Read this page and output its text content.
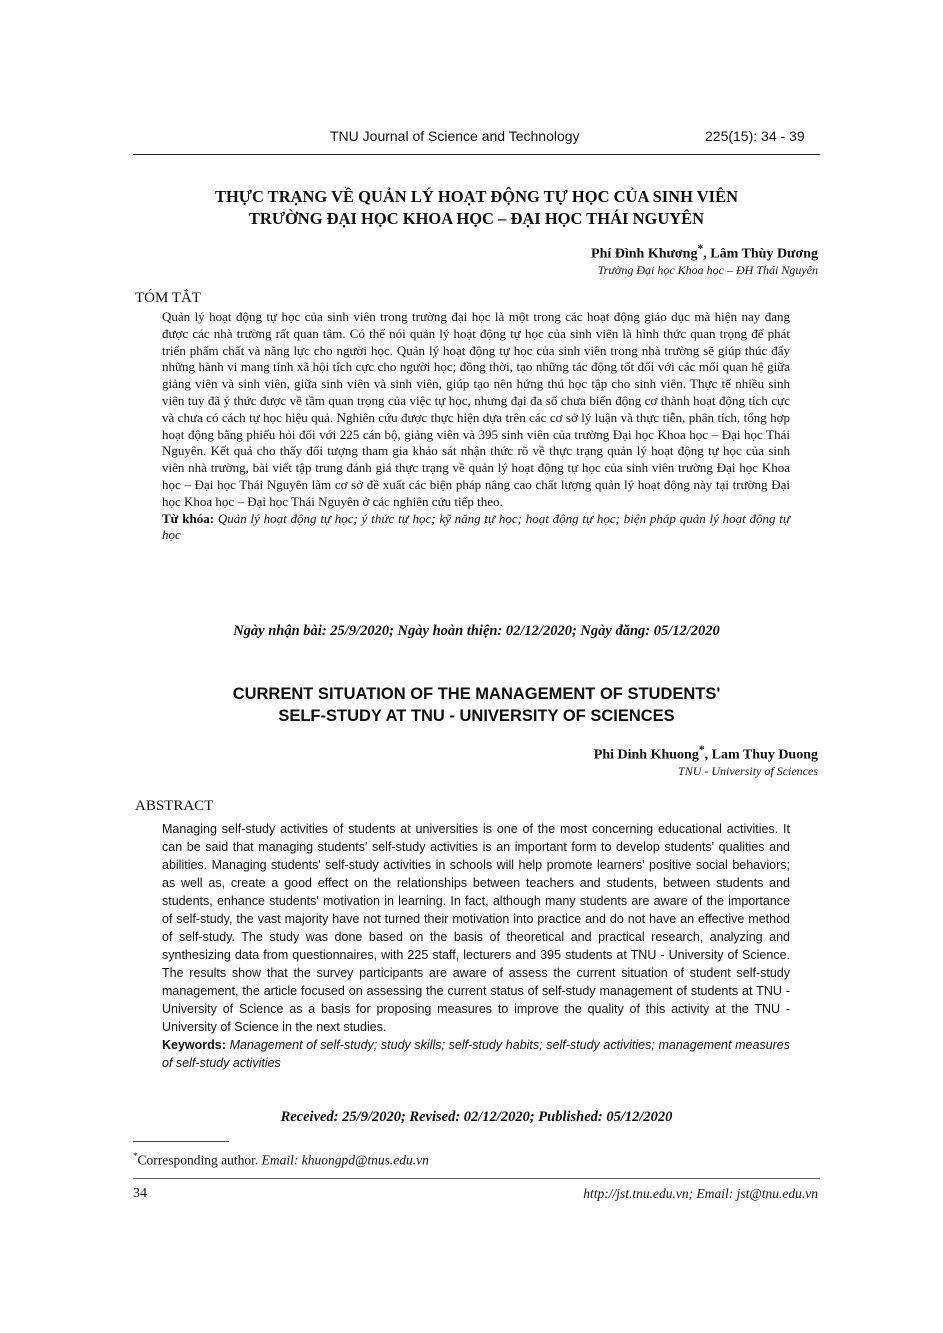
TNU Journal of Science and Technology	225(15): 34 - 39
THỰC TRẠNG VỀ QUẢN LÝ HOẠT ĐỘNG TỰ HỌC CỦA SINH VIÊN
TRƯỜNG ĐẠI HỌC KHOA HỌC – ĐẠI HỌC THÁI NGUYÊN
Phí Đình Khương*, Lâm Thùy Dương
Trường Đại học Khoa học – ĐH Thái Nguyên
TÓM TẮT

Quản lý hoạt động tự học của sinh viên trong trường đại học là một trong các hoạt động giáo dục mà hiện nay đang được các nhà trường rất quan tâm. Có thể nói quản lý hoạt động tự học của sinh viên là hình thức quan trọng để phát triển phẩm chất và năng lực cho người học. Quản lý hoạt động tự học của sinh viên trong nhà trường sẽ giúp thúc đẩy những hành vi mang tính xã hội tích cực cho người học; đồng thời, tạo những tác động tốt đối với các mối quan hệ giữa giảng viên và sinh viên, giữa sinh viên và sinh viên, giúp tạo nên hứng thú học tập cho sinh viên. Thực tế nhiều sinh viên tuy đã ý thức được về tầm quan trọng của việc tự học, nhưng đại đa số chưa biến động cơ thành hoạt động tích cực và chưa có cách tự học hiệu quả. Nghiên cứu được thực hiện dựa trên các cơ sở lý luận và thực tiễn, phân tích, tổng hợp hoạt động bằng phiếu hỏi đối với 225 cán bộ, giảng viên và 395 sinh viên của trường Đại học Khoa học – Đại học Thái Nguyên. Kết quả cho thấy đối tượng tham gia khảo sát nhận thức rõ về thực trạng quản lý hoạt động tự học của sinh viên nhà trường, bài viết tập trung đánh giá thực trạng về quản lý hoạt động tự học của sinh viên trường Đại học Khoa học – Đại học Thái Nguyên làm cơ sở đề xuất các biện pháp nâng cao chất lượng quản lý hoạt động này tại trường Đại học Khoa học – Đại học Thái Nguyên ở các nghiên cứu tiếp theo.

Từ khóa: Quản lý hoạt động tự học; ý thức tự học; kỹ năng tự học; hoạt động tự học; biện pháp quản lý hoạt động tự học

Ngày nhận bài: 25/9/2020; Ngày hoàn thiện: 02/12/2020; Ngày đăng: 05/12/2020
CURRENT SITUATION OF THE MANAGEMENT OF STUDENTS'
SELF-STUDY AT TNU - UNIVERSITY OF SCIENCES
Phi Dinh Khuong*, Lam Thuy Duong
TNU - University of Sciences
ABSTRACT

Managing self-study activities of students at universities is one of the most concerning educational activities. It can be said that managing students' self-study activities is an important form to develop students' qualities and abilities. Managing students' self-study activities in schools will help promote learners' positive social behaviors; as well as, create a good effect on the relationships between teachers and students, between students and students, enhance students' motivation in learning. In fact, although many students are aware of the importance of self-study, the vast majority have not turned their motivation into practice and do not have an effective method of self-study. The study was done based on the basis of theoretical and practical research, analyzing and synthesizing data from questionnaires, with 225 staff, lecturers and 395 students at TNU - University of Science. The results show that the survey participants are aware of assess the current situation of student self-study management, the article focused on assessing the current status of self-study management of students at TNU - University of Science as a basis for proposing measures to improve the quality of this activity at the TNU - University of Science in the next studies.

Keywords: Management of self-study; study skills; self-study habits; self-study activities; management measures of self-study activities

Received: 25/9/2020; Revised: 02/12/2020; Published: 05/12/2020
*Corresponding author. Email: khuongpd@tnus.edu.vn
34	http://jst.tnu.edu.vn; Email: jst@tnu.edu.vn
